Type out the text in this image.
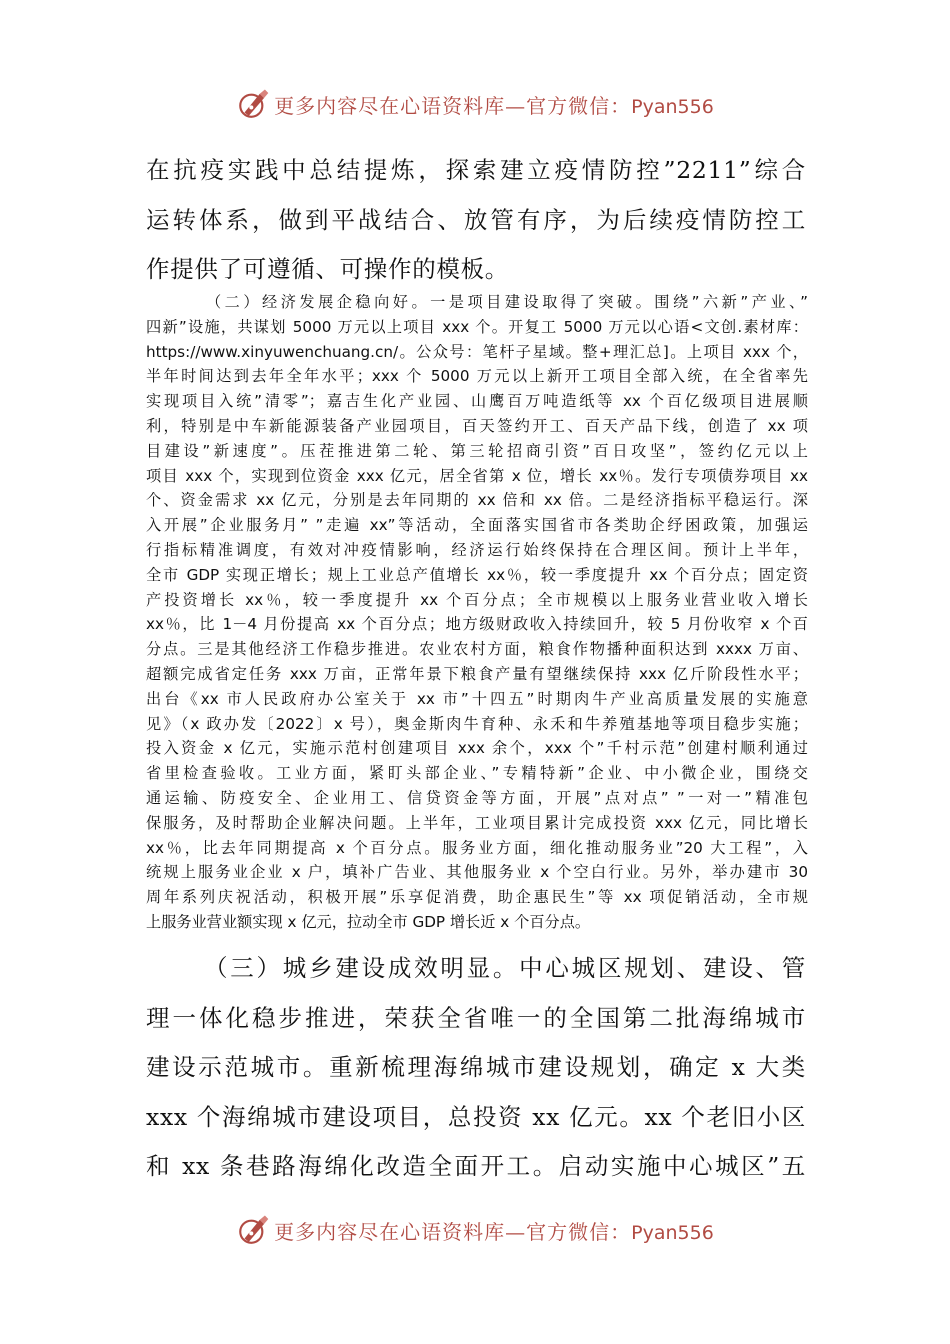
更多内容尽在心语资料库—官方微信：Pyan556
在抗疫实践中总结提炼，探索建立疫情防控”2211”综合
运转体系，做到平战结合、放管有序，为后续疫情防控工
作提供了可遵循、可操作的模板。
（二）经济发展企稳向好。一是项目建设取得了突破。围绕”六新”产业、”
四新”设施，共谋划 5000 万元以上项目 xxx 个。开复工 5000 万元以心语<文创.素材库：
https://www.xinyuwenchuang.cn/。公众号：笔杆子星域。整+理汇总]。上项目 xxx 个，
半年时间达到去年全年水平；xxx 个 5000 万元以上新开工项目全部入统，在全省率先
实现项目入统”清零”；嘉吉生化产业园、山鹰百万吨造纸等 xx 个百亿级项目进展顺
利，特别是中车新能源装备产业园项目，百天签约开工、百天产品下线，创造了 xx 项
目建设”新速度”。压茬推进第二轮、第三轮招商引资”百日攻坚”，签约亿元以上
项目 xxx 个，实现到位资金 xxx 亿元，居全省第 x 位，增长 xx％。发行专项债券项目 xx
个、资金需求 xx 亿元，分别是去年同期的 xx 倍和 xx 倍。二是经济指标平稳运行。深
入开展”企业服务月” ”走遍 xx”等活动，全面落实国省市各类助企纾困政策，加强运
行指标精准调度，有效对冲疫情影响，经济运行始终保持在合理区间。预计上半年，
全市 GDP 实现正增长；规上工业总产值增长 xx％，较一季度提升 xx 个百分点；固定资
产投资增长 xx％，较一季度提升 xx 个百分点；全市规模以上服务业营业收入增长
xx％，比 1－4 月份提高 xx 个百分点；地方级财政收入持续回升，较 5 月份收窄 x 个百
分点。三是其他经济工作稳步推进。农业农村方面，粮食作物播种面积达到 xxxx 万亩、
超额完成省定任务 xxx 万亩，正常年景下粮食产量有望继续保持 xxx 亿斤阶段性水平；
出台《xx 市人民政府办公室关于 xx 市”十四五”时期肉牛产业高质量发展的实施意
见》（x 政办发〔2022〕x 号），奥金斯肉牛育种、永禾和牛养殖基地等项目稳步实施；
投入资金 x 亿元，实施示范村创建项目 xxx 余个，xxx 个”千村示范”创建村顺利通过
省里检查验收。工业方面，紧盯头部企业、”专精特新”企业、中小微企业，围绕交
通运输、防疫安全、企业用工、信贷资金等方面，开展”点对点” ”一对一”精准包
保服务，及时帮助企业解决问题。上半年，工业项目累计完成投资 xxx 亿元，同比增长
xx％，比去年同期提高 x 个百分点。服务业方面，细化推动服务业”20 大工程”，入
统规上服务业企业 x 户，填补广告业、其他服务业 x 个空白行业。另外，举办建市 30
周年系列庆祝活动，积极开展”乐享促消费，助企惠民生”等 xx 项促销活动，全市规
上服务业营业额实现 x 亿元，拉动全市 GDP 增长近 x 个百分点。
（三）城乡建设成效明显。中心城区规划、建设、管
理一体化稳步推进，荣获全省唯一的全国第二批海绵城市
建设示范城市。重新梳理海绵城市建设规划，确定 x 大类
xxx 个海绵城市建设项目，总投资 xx 亿元。xx 个老旧小区
和 xx 条巷路海绵化改造全面开工。启动实施中心城区”五
更多内容尽在心语资料库—官方微信：Pyan556
